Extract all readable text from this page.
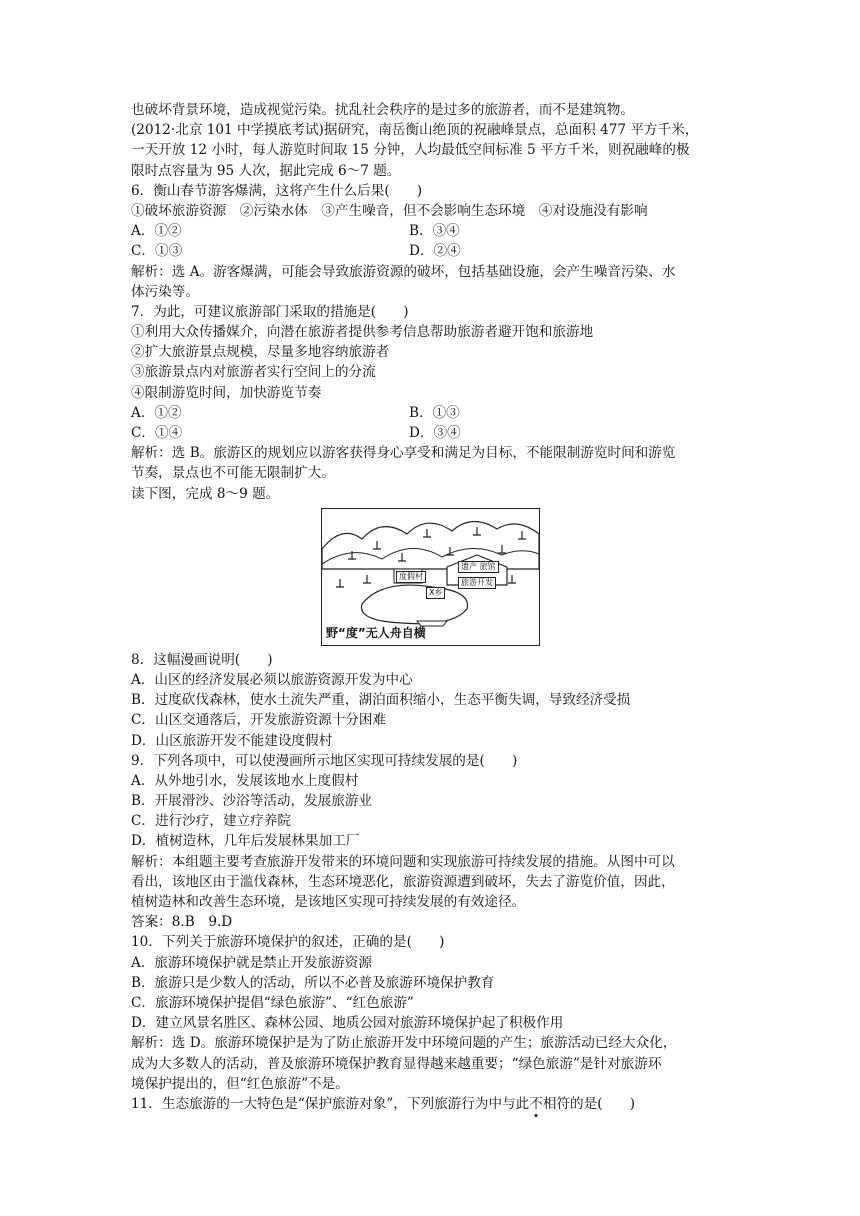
也破坏背景环境，造成视觉污染。扰乱社会秩序的是过多的旅游者，而不是建筑物。
(2012·北京 101 中学摸底考试)据研究，南岳衡山绝顶的祝融峰景点，总面积 477 平方千米，
一天开放 12 小时，每人游览时间取 15 分钟，人均最低空间标准 5 平方千米，则祝融峰的极
限时点容量为 95 人次，据此完成 6～7 题。
6．衡山春节游客爆满，这将产生什么后果(　　)
①破坏旅游资源　②污染水体　③产生噪音，但不会影响生态环境　④对设施没有影响
A．①②	B．③④
C．①③	D．②④
解析：选 A。游客爆满，可能会导致旅游资源的破坏，包括基础设施，会产生噪音污染、水
体污染等。
7．为此，可建议旅游部门采取的措施是(　　)
①利用大众传播媒介，向潜在旅游者提供参考信息帮助旅游者避开饱和旅游地
②扩大旅游景点规模，尽量多地容纳旅游者
③旅游景点内对旅游者实行空间上的分流
④限制游览时间，加快游览节奏
A．①②	B．①③
C．①④	D．③④
解析：选 B。旅游区的规划应以游客获得身心享受和满足为目标，不能限制游览时间和游览
节奏，景点也不可能无限制扩大。
读下图，完成 8～9 题。
度假村
遗产 旅馆
X乡
旅游开发
野“度”无人舟自横
8．这幅漫画说明(　　)
A．山区的经济发展必须以旅游资源开发为中心
B．过度砍伐森林，使水土流失严重，湖泊面积缩小，生态平衡失调，导致经济受损
C．山区交通落后，开发旅游资源十分困难
D．山区旅游开发不能建设度假村
9．下列各项中，可以使漫画所示地区实现可持续发展的是(　　)
A．从外地引水，发展该地水上度假村
B．开展滑沙、沙浴等活动，发展旅游业
C．进行沙疗，建立疗养院
D．植树造林，几年后发展林果加工厂
解析：本组题主要考查旅游开发带来的环境问题和实现旅游可持续发展的措施。从图中可以
看出，该地区由于滥伐森林，生态环境恶化，旅游资源遭到破坏，失去了游览价值，因此，
植树造林和改善生态环境，是该地区实现可持续发展的有效途径。
答案：8.B　9.D
10．下列关于旅游环境保护的叙述，正确的是(　　)
A．旅游环境保护就是禁止开发旅游资源
B．旅游只是少数人的活动，所以不必普及旅游环境保护教育
C．旅游环境保护提倡“绿色旅游”、“红色旅游”
D．建立风景名胜区、森林公园、地质公园对旅游环境保护起了积极作用
解析：选 D。旅游环境保护是为了防止旅游开发中环境问题的产生；旅游活动已经大众化，
成为大多数人的活动，普及旅游环境保护教育显得越来越重要；“绿色旅游”是针对旅游环
境保护提出的，但“红色旅游”不是。
11．生态旅游的一大特色是“保护旅游对象”，下列旅游行为中与此不相符的是(　　)
